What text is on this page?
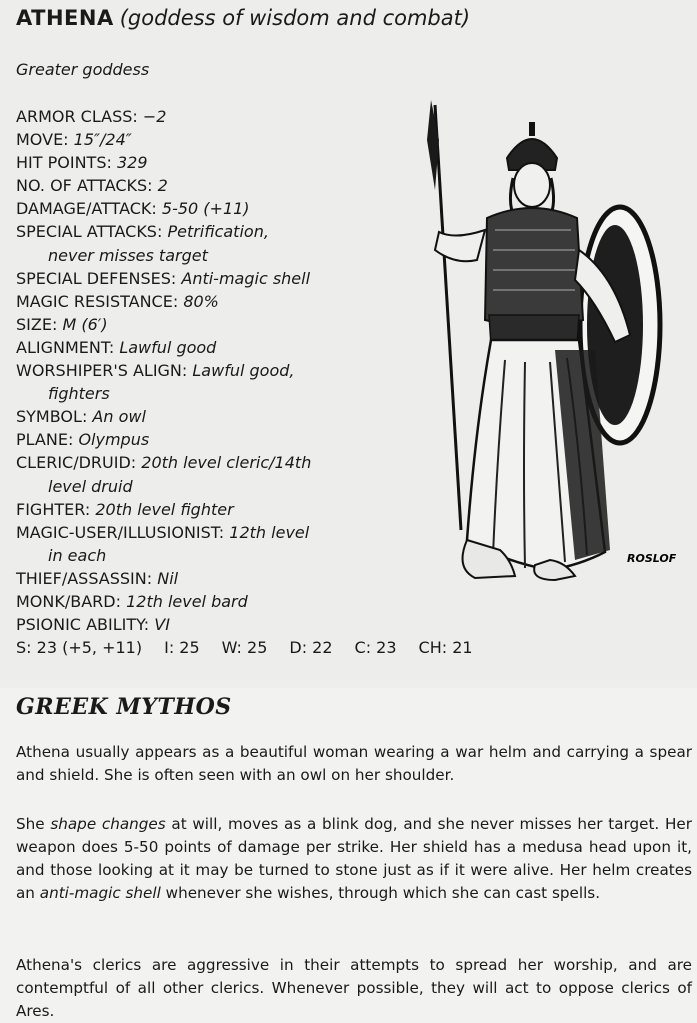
ATHENA (goddess of wisdom and combat)
Greater goddess
ARMOR CLASS: −2
MOVE: 15″/24″
HIT POINTS: 329
NO. OF ATTACKS: 2
DAMAGE/ATTACK: 5-50 (+11)
SPECIAL ATTACKS: Petrification,
never misses target
SPECIAL DEFENSES: Anti-magic shell
MAGIC RESISTANCE: 80%
SIZE: M (6′)
ALIGNMENT: Lawful good
WORSHIPER'S ALIGN: Lawful good,
fighters
SYMBOL: An owl
PLANE: Olympus
CLERIC/DRUID: 20th level cleric/14th
level druid
FIGHTER: 20th level fighter
MAGIC-USER/ILLUSIONIST: 12th level
in each
THIEF/ASSASSIN: Nil
MONK/BARD: 12th level bard
PSIONIC ABILITY: VI
S: 23 (+5, +11) I: 25 W: 25 D: 22 C: 23 CH: 21
ROSLOF
GREEK MYTHOS
Athena usually appears as a beautiful woman wearing a war helm and carrying a spear and shield. She is often seen with an owl on her shoulder.
She shape changes at will, moves as a blink dog, and she never misses her target. Her weapon does 5-50 points of damage per strike. Her shield has a medusa head upon it, and those looking at it may be turned to stone just as if it were alive. Her helm creates an anti-magic shell whenever she wishes, through which she can cast spells.
Athena's clerics are aggressive in their attempts to spread her worship, and are contemptful of all other clerics. Whenever possible, they will act to oppose clerics of Ares.
